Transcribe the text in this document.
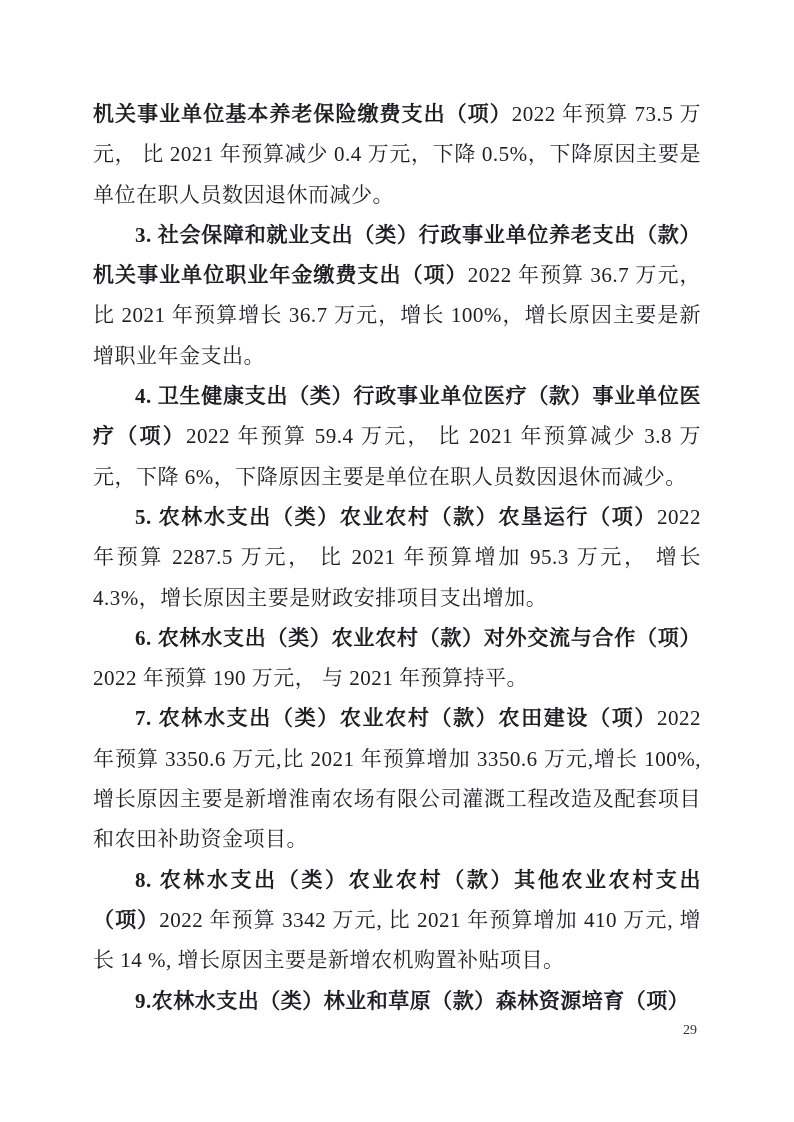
机关事业单位基本养老保险缴费支出（项）2022 年预算 73.5 万元， 比 2021 年预算减少 0.4 万元，下降 0.5%，下降原因主要是单位在职人员数因退休而减少。

3. 社会保障和就业支出（类）行政事业单位养老支出（款）机关事业单位职业年金缴费支出（项）2022 年预算 36.7 万元，比 2021 年预算增长 36.7 万元，增长 100%，增长原因主要是新增职业年金支出。

4. 卫生健康支出（类）行政事业单位医疗（款）事业单位医疗（项）2022 年预算 59.4 万元， 比 2021 年预算减少 3.8 万元，下降 6%，下降原因主要是单位在职人员数因退休而减少。

5. 农林水支出（类）农业农村（款）农垦运行（项）2022 年预算 2287.5 万元， 比 2021 年预算增加 95.3 万元， 增长 4.3%，增长原因主要是财政安排项目支出增加。

6. 农林水支出（类）农业农村（款）对外交流与合作（项）2022 年预算 190 万元， 与 2021 年预算持平。

7. 农林水支出（类）农业农村（款）农田建设（项）2022 年预算 3350.6 万元,比 2021 年预算增加 3350.6 万元,增长 100%,增长原因主要是新增淮南农场有限公司灌溉工程改造及配套项目和农田补助资金项目。

8. 农林水支出（类）农业农村（款）其他农业农村支出（项）2022 年预算 3342 万元, 比 2021 年预算增加 410 万元, 增长 14 %, 增长原因主要是新增农机购置补贴项目。

9.农林水支出（类）林业和草原（款）森林资源培育（项）

29
